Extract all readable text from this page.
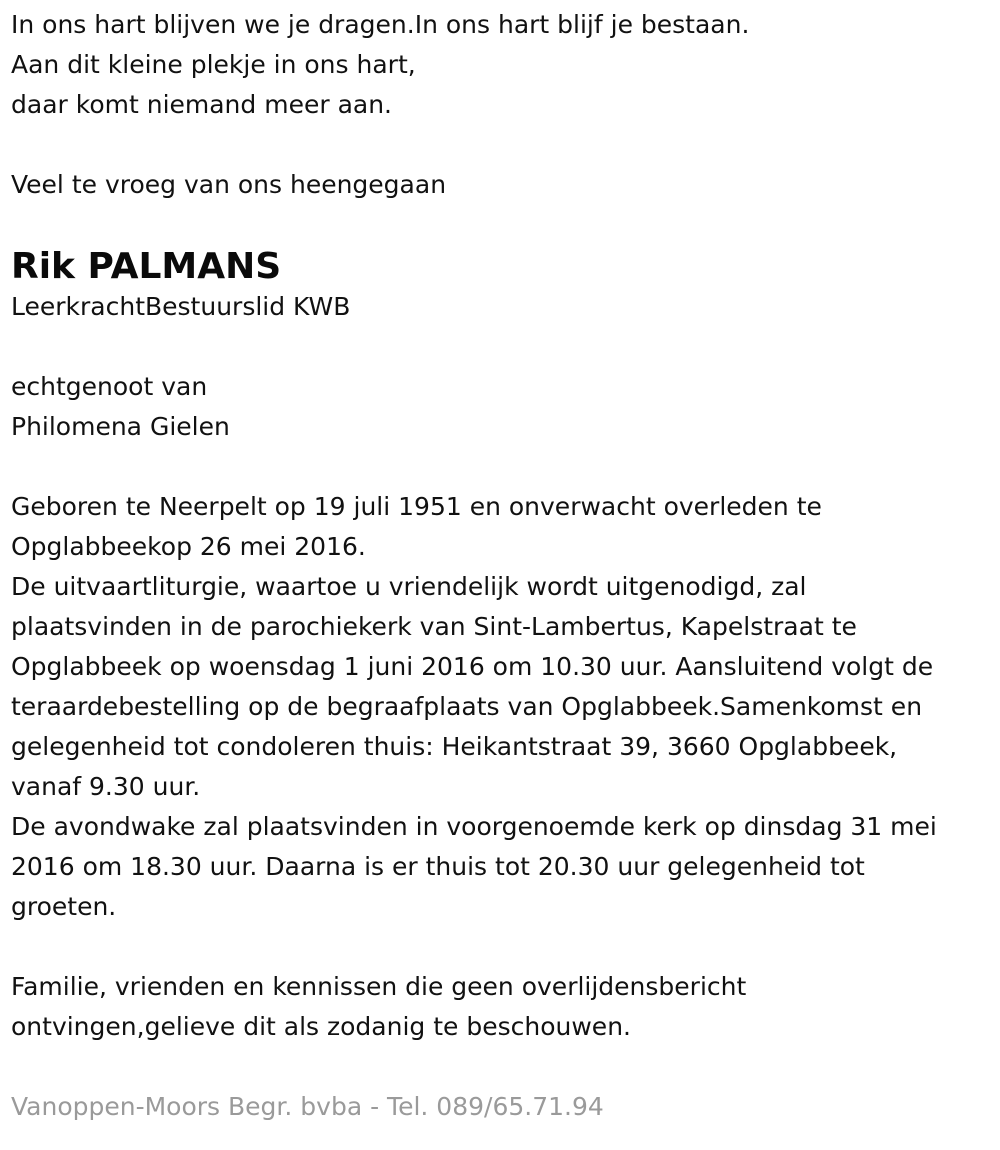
In ons hart blijven we je dragen.In ons hart blijf je bestaan.
Aan dit kleine plekje in ons hart,
daar komt niemand meer aan.
Veel te vroeg van ons heengegaan
Rik PALMANS
LeerkrachtBestuurslid KWB
echtgenoot van
Philomena Gielen
Geboren te Neerpelt op 19 juli 1951 en onverwacht overleden te
Opglabbeekop 26 mei 2016.
De uitvaartliturgie, waartoe u vriendelijk wordt uitgenodigd, zal
plaatsvinden in de parochiekerk van Sint-Lambertus, Kapelstraat te
Opglabbeek op woensdag 1 juni 2016 om 10.30 uur. Aansluitend volgt de
teraardebestelling op de begraafplaats van Opglabbeek.Samenkomst en
gelegenheid tot condoleren thuis: Heikantstraat 39, 3660 Opglabbeek,
vanaf 9.30 uur.
De avondwake zal plaatsvinden in voorgenoemde kerk op dinsdag 31 mei
2016 om 18.30 uur. Daarna is er thuis tot 20.30 uur gelegenheid tot
groeten.
Familie, vrienden en kennissen die geen overlijdensbericht
ontvingen,gelieve dit als zodanig te beschouwen.
Vanoppen-Moors Begr. bvba - Tel. 089/65.71.94
